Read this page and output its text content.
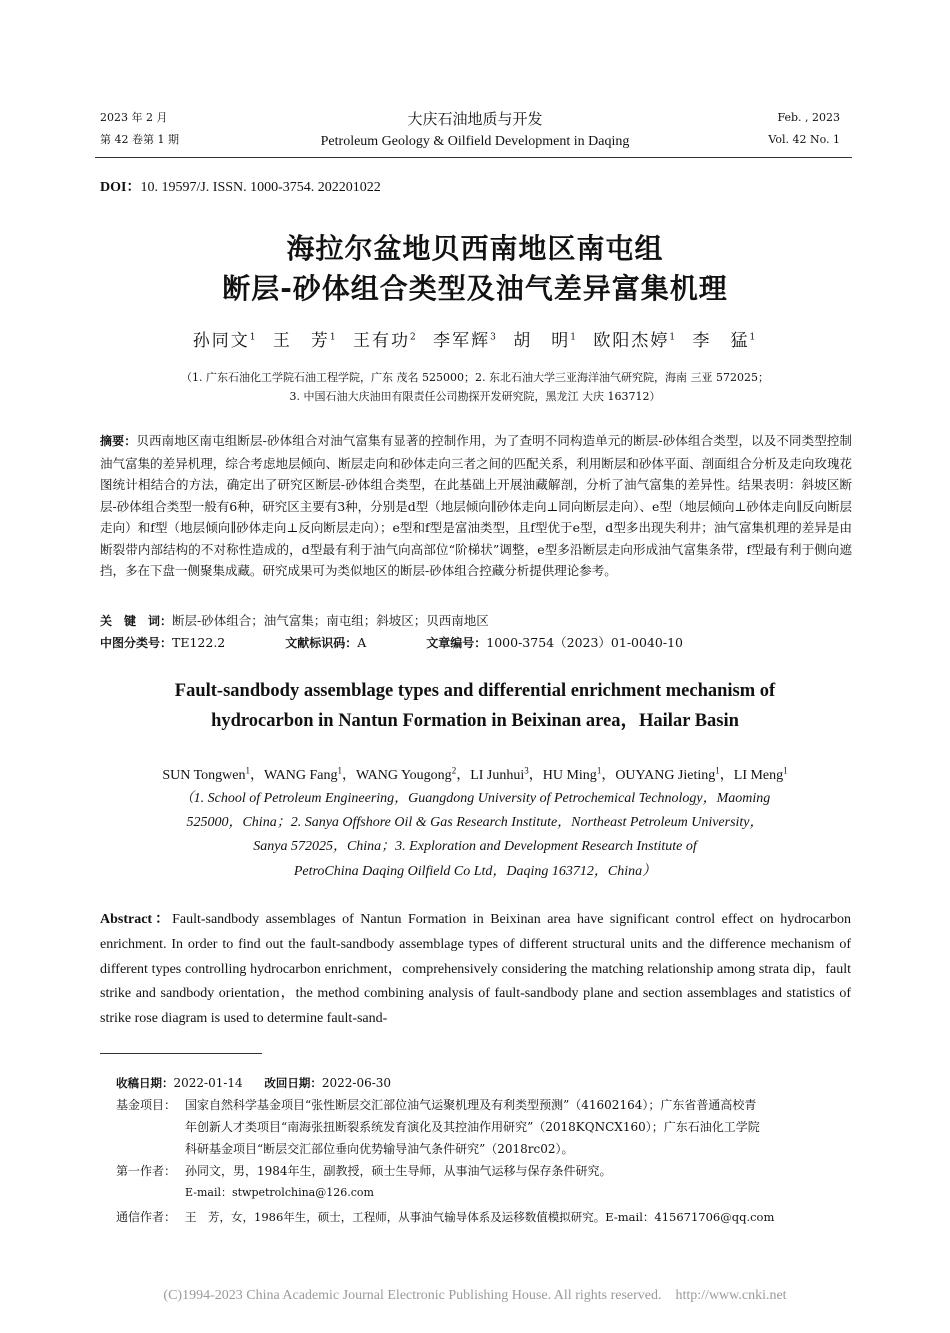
2023 年 2 月
第 42 卷第 1 期
大庆石油地质与开发
Petroleum Geology & Oilfield Development in Daqing
Feb. , 2023
Vol. 42 No. 1
DOI：10. 19597/J. ISSN. 1000-3754. 202201022
海拉尔盆地贝西南地区南屯组
断层-砂体组合类型及油气差异富集机理
孙同文$^1$ 王　芳$^1$ 王有功$^2$ 李军辉$^3$ 胡　明$^1$ 欧阳杰婷$^1$ 李　猛$^1$
（1. 广东石油化工学院石油工程学院，广东 茂名 525000；2. 东北石油大学三亚海洋油气研究院，海南 三亚 572025；
3. 中国石油大庆油田有限责任公司勘探开发研究院，黑龙江 大庆 163712）
摘要：贝西南地区南屯组断层-砂体组合对油气富集有显著的控制作用，为了查明不同构造单元的断层-砂体组合类型，以及不同类型控制油气富集的差异机理，综合考虑地层倾向、断层走向和砂体走向三者之间的匹配关系，利用断层和砂体平面、剖面组合分析及走向玫瑰花图统计相结合的方法，确定出了研究区断层-砂体组合类型，在此基础上开展油藏解剖，分析了油气富集的差异性。结果表明：斜坡区断层-砂体组合类型一般有6种，研究区主要有3种，分别是d型（地层倾向∥砂体走向⊥同向断层走向）、e型（地层倾向⊥砂体走向∥反向断层走向）和f型（地层倾向∥砂体走向⊥反向断层走向）；e型和f型是富油类型，且f型优于e型，d型多出现失利井；油气富集机理的差异是由断裂带内部结构的不对称性造成的，d型最有利于油气向高部位“阶梯状”调整，e型多沿断层走向形成油气富集条带，f型最有利于侧向遮挡，多在下盘一侧聚集成藏。研究成果可为类似地区的断层-砂体组合控藏分析提供理论参考。
关　键　词：断层-砂体组合；油气富集；南屯组；斜坡区；贝西南地区
中图分类号：TE122.2	文献标识码：A	文章编号：1000-3754（2023）01-0040-10
Fault-sandbody assemblage types and differential enrichment mechanism of
hydrocarbon in Nantun Formation in Beixinan area，Hailar Basin
SUN Tongwen$^1$，WANG Fang$^1$，WANG Yougong$^2$，LI Junhui$^3$，HU Ming$^1$，OUYANG Jieting$^1$，LI Meng$^1$
（1. School of Petroleum Engineering，Guangdong University of Petrochemical Technology，Maoming
525000，China；2. Sanya Offshore Oil & Gas Research Institute，Northeast Petroleum University，
Sanya 572025，China；3. Exploration and Development Research Institute of
PetroChina Daqing Oilfield Co Ltd，Daqing 163712，China）
Abstract：Fault-sandbody assemblages of Nantun Formation in Beixinan area have significant control effect on hydrocarbon enrichment. In order to find out the fault-sandbody assemblage types of different structural units and the difference mechanism of different types controlling hydrocarbon enrichment，comprehensively considering the matching relationship among strata dip，fault strike and sandbody orientation，the method combining analysis of fault-sandbody plane and section assemblages and statistics of strike rose diagram is used to determine fault-sand-
收稿日期：2022-01-14 改回日期：2022-06-30
基金项目： 国家自然科学基金项目“张性断层交汇部位油气运聚机理及有利类型预测”（41602164）；广东省普通高校青
年创新人才类项目“南海张扭断裂系统发育演化及其控油作用研究”（2018KQNCX160）；广东石油化工学院
科研基金项目“断层交汇部位垂向优势输导油气条件研究”（2018rc02）。
第一作者： 孙同文，男，1984年生，副教授，硕士生导师，从事油气运移与保存条件研究。
E-mail：stwpetrolchina@126.com
通信作者： 王　芳，女，1986年生，硕士，工程师，从事油气输导体系及运移数值模拟研究。E-mail：415671706@qq.com
(C)1994-2023 China Academic Journal Electronic Publishing House. All rights reserved.    http://www.cnki.net
